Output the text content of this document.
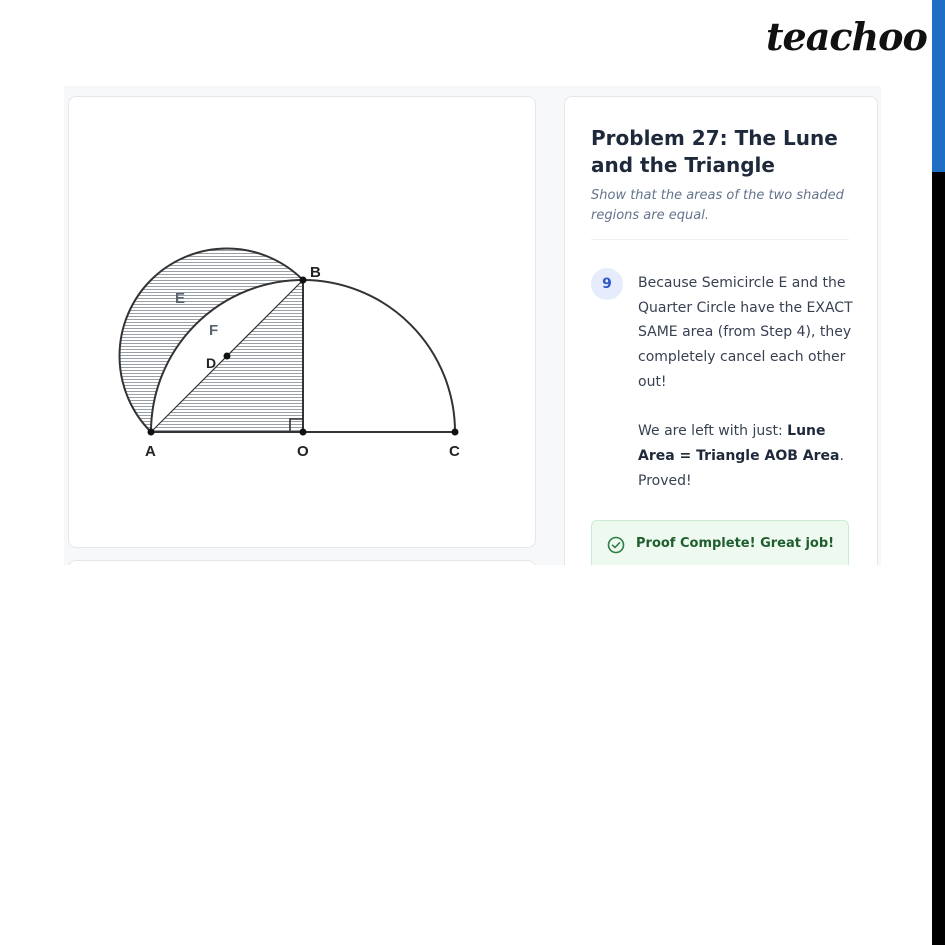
teachoo
A	O	C
B
D
E
F
Problem 27: The Lune and the Triangle
Show that the areas of the two shaded regions are equal.
9	Because Semicircle E and the Quarter Circle have the EXACT SAME area (from Step 4), they completely cancel each other out!

We are left with just: Lune Area = Triangle AOB Area. Proved!

Proof Complete! Great job!
